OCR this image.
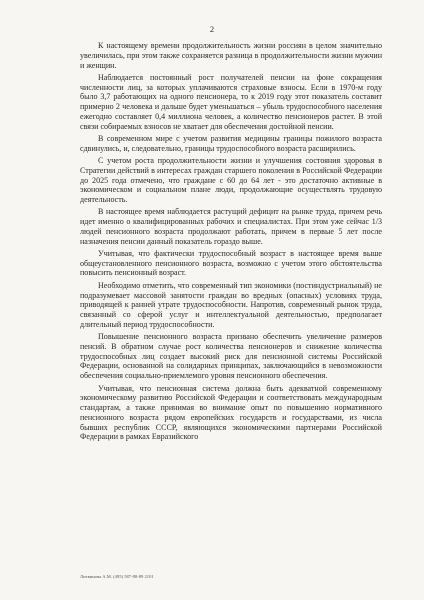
2

К настоящему времени продолжительность жизни россиян в целом значительно увеличилась, при этом также сохраняется разница в продолжительности жизни мужчин и женщин.

Наблюдается постоянный рост получателей пенсии на фоне сокращения численности лиц, за которых уплачиваются страховые взносы. Если в 1970-м году было 3,7 работающих на одного пенсионера, то к 2019 году этот показатель составит примерно 2 человека и дальше будет уменьшаться – убыль трудоспособного населения ежегодно составляет 0,4 миллиона человек, а количество пенсионеров растет. В этой связи собираемых взносов не хватает для обеспечения достойной пенсии.

В современном мире с учетом развития медицины границы пожилого возраста сдвинулись, и, следовательно, границы трудоспособного возраста расширились.

С учетом роста продолжительности жизни и улучшения состояния здоровья в Стратегии действий в интересах граждан старшего поколения в Российской Федерации до 2025 года отмечено, что граждане с 60 до 64 лет - это достаточно активные в экономическом и социальном плане люди, продолжающие осуществлять трудовую деятельность.

В настоящее время наблюдается растущий дефицит на рынке труда, причем речь идет именно о квалифицированных рабочих и специалистах. При этом уже сейчас 1/3 людей пенсионного возраста продолжают работать, причем в первые 5 лет после назначения пенсии данный показатель гораздо выше.

Учитывая, что фактически трудоспособный возраст в настоящее время выше общеустановленного пенсионного возраста, возможно с учетом этого обстоятельства повысить пенсионный возраст.

Необходимо отметить, что современный тип экономики (постиндустриальный) не подразумевает массовой занятости граждан во вредных (опасных) условиях труда, приводящей к ранней утрате трудоспособности. Напротив, современный рынок труда, связанный со сферой услуг и интеллектуальной деятельностью, предполагает длительный период трудоспособности.

Повышение пенсионного возраста призвано обеспечить увеличение размеров пенсий. В обратном случае рост количества пенсионеров и снижение количества трудоспособных лиц создает высокий риск для пенсионной системы Российской Федерации, основанной на солидарных принципах, заключающийся в невозможности обеспечения социально-приемлемого уровня пенсионного обеспечения.

Учитывая, что пенсионная система должна быть адекватной современному экономическому развитию Российской Федерации и соответствовать международным стандартам, а также принимая во внимание опыт по повышению нормативного пенсионного возраста рядом европейских государств и государствами, из числа бывших республик СССР, являющихся экономическими партнерами Российской Федерации в рамках Евразийского

Литвинова А.М. (495) 587-88-89 2101
